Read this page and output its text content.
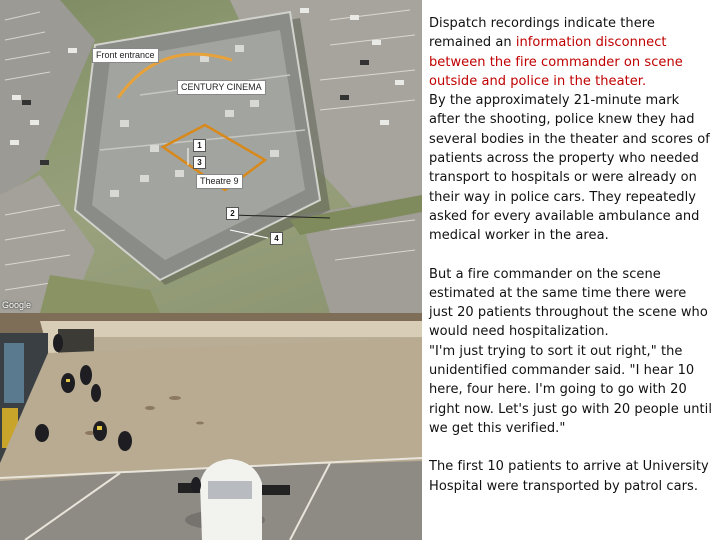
Front entrance
CENTURY CINEMA
Theatre 9
1
3
2
4
Google

Dispatch recordings indicate there remained an information disconnect between the fire commander on scene outside and police in the theater.

By the approximately 21-minute mark after the shooting, police knew they had several bodies in the theater and scores of patients across the property who needed transport to hospitals or were already on their way in police cars. They repeatedly asked for every available ambulance and medical worker in the area.

But a fire commander on the scene estimated at the same time there were just 20 patients throughout the scene who would need hospitalization.

"I'm just trying to sort it out right," the unidentified commander said. "I hear 10 here, four here. I'm going to go with 20 right now. Let's just go with 20 people until we get this verified."

The first 10 patients to arrive at University Hospital were transported by patrol cars.
